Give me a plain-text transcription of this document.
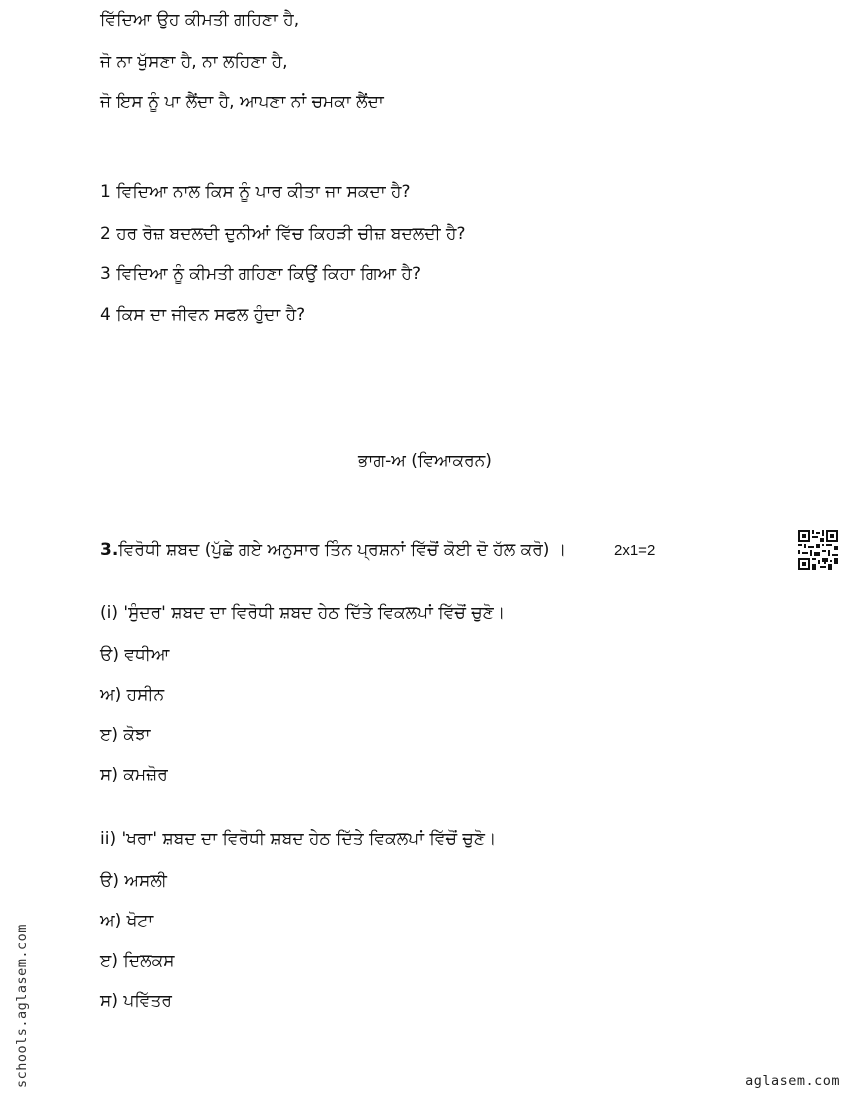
ਵਿੱਦਿਆ ਉਹ ਕੀਮਤੀ ਗਹਿਣਾ ਹੈ,
ਜੋ ਨਾ ਖੁੱਸਣਾ ਹੈ, ਨਾ ਲਹਿਣਾ ਹੈ,
ਜੋ ਇਸ ਨੂੰ ਪਾ ਲੈਂਦਾ ਹੈ, ਆਪਣਾ ਨਾਂ ਚਮਕਾ ਲੈਂਦਾ
1 ਵਿਦਿਆ ਨਾਲ ਕਿਸ ਨੂੰ ਪਾਰ ਕੀਤਾ ਜਾ ਸਕਦਾ ਹੈ?
2 ਹਰ ਰੋਜ਼ ਬਦਲਦੀ ਦੁਨੀਆਂ ਵਿੱਚ ਕਿਹੜੀ ਚੀਜ਼ ਬਦਲਦੀ ਹੈ?
3 ਵਿਦਿਆ ਨੂੰ ਕੀਮਤੀ ਗਹਿਣਾ ਕਿਉਂ ਕਿਹਾ ਗਿਆ ਹੈ?
4 ਕਿਸ ਦਾ ਜੀਵਨ ਸਫਲ ਹੁੰਦਾ ਹੈ?
ਭਾਗ-ਅ (ਵਿਆਕਰਨ)
3.ਵਿਰੋਧੀ ਸ਼ਬਦ (ਪੁੱਛੇ ਗਏ ਅਨੁਸਾਰ ਤਿੰਨ ਪ੍ਰਸ਼ਨਾਂ ਵਿੱਚੋਂ ਕੋਈ ਦੋ ਹੱਲ ਕਰੋ) ।	2x1=2
(i) 'ਸੁੰਦਰ' ਸ਼ਬਦ ਦਾ ਵਿਰੋਧੀ ਸ਼ਬਦ ਹੇਠ ਦਿੱਤੇ ਵਿਕਲਪਾਂ ਵਿੱਚੋਂ ਚੁਣੋ।
ੳ) ਵਧੀਆ
ਅ) ਹਸੀਨ
ੲ) ਕੋਝਾ
ਸ) ਕਮਜ਼ੋਰ
ii) 'ਖਰਾ' ਸ਼ਬਦ ਦਾ ਵਿਰੋਧੀ ਸ਼ਬਦ ਹੇਠ ਦਿੱਤੇ ਵਿਕਲਪਾਂ ਵਿੱਚੋਂ ਚੁਣੋ।
ੳ) ਅਸਲੀ
ਅ) ਖੋਟਾ
ੲ) ਦਿਲਕਸ
ਸ) ਪਵਿੱਤਰ
schools.aglasem.com	aglasem.com
